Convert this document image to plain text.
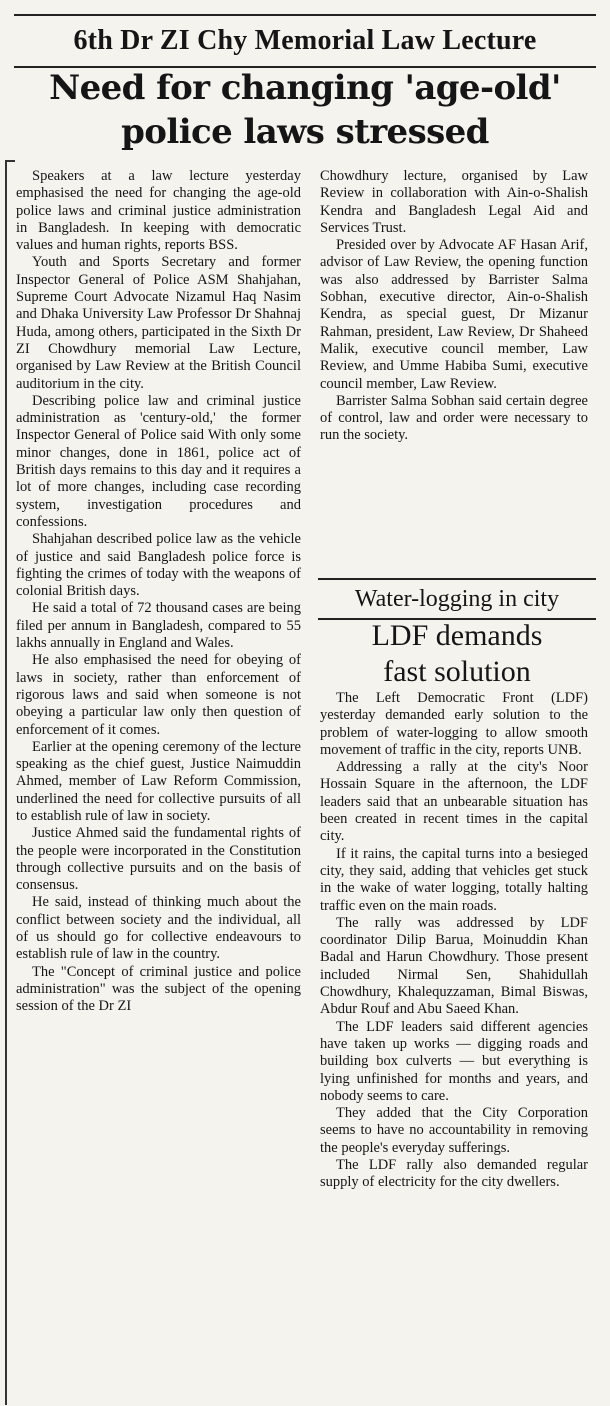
6th Dr ZI Chy Memorial Law Lecture
Need for changing 'age-old'
police laws stressed

Speakers at a law lecture yesterday emphasised the need for changing the age-old police laws and criminal justice administration in Bangladesh. In keeping with democratic values and human rights, reports BSS.

Youth and Sports Secretary and former Inspector General of Police ASM Shahjahan, Supreme Court Advocate Nizamul Haq Nasim and Dhaka University Law Professor Dr Shahnaj Huda, among others, participated in the Sixth Dr ZI Chowdhury memorial Law Lecture, organised by Law Review at the British Council auditorium in the city.

Describing police law and criminal justice administration as 'century-old,' the former Inspector General of Police said With only some minor changes, done in 1861, police act of British days remains to this day and it requires a lot of more changes, including case recording system, investigation procedures and confessions.

Shahjahan described police law as the vehicle of justice and said Bangladesh police force is fighting the crimes of today with the weapons of colonial British days.

He said a total of 72 thousand cases are being filed per annum in Bangladesh, compared to 55 lakhs annually in England and Wales.

He also emphasised the need for obeying of laws in society, rather than enforcement of rigorous laws and said when someone is not obeying a particular law only then question of enforcement of it comes.

Earlier at the opening ceremony of the lecture speaking as the chief guest, Justice Naimuddin Ahmed, member of Law Reform Commission, underlined the need for collective pursuits of all to establish rule of law in society.

Justice Ahmed said the fundamental rights of the people were incorporated in the Constitution through collective pursuits and on the basis of consensus.

He said, instead of thinking much about the conflict between society and the individual, all of us should go for collective endeavours to establish rule of law in the country.

The "Concept of criminal justice and police administration" was the subject of the opening session of the Dr ZI

Chowdhury lecture, organised by Law Review in collaboration with Ain-o-Shalish Kendra and Bangladesh Legal Aid and Services Trust.

Presided over by Advocate AF Hasan Arif, advisor of Law Review, the opening function was also addressed by Barrister Salma Sobhan, executive director, Ain-o-Shalish Kendra, as special guest, Dr Mizanur Rahman, president, Law Review, Dr Shaheed Malik, executive council member, Law Review, and Umme Habiba Sumi, executive council member, Law Review.

Barrister Salma Sobhan said certain degree of control, law and order were necessary to run the society.

Water-logging in city
LDF demands
fast solution

The Left Democratic Front (LDF) yesterday demanded early solution to the problem of water-logging to allow smooth movement of traffic in the city, reports UNB.

Addressing a rally at the city's Noor Hossain Square in the afternoon, the LDF leaders said that an unbearable situation has been created in recent times in the capital city.

If it rains, the capital turns into a besieged city, they said, adding that vehicles get stuck in the wake of water logging, totally halting traffic even on the main roads.

The rally was addressed by LDF coordinator Dilip Barua, Moinuddin Khan Badal and Harun Chowdhury. Those present included Nirmal Sen, Shahidullah Chowdhury, Khalequzzaman, Bimal Biswas, Abdur Rouf and Abu Saeed Khan.

The LDF leaders said different agencies have taken up works — digging roads and building box culverts — but everything is lying unfinished for months and years, and nobody seems to care.

They added that the City Corporation seems to have no accountability in removing the people's everyday sufferings.

The LDF rally also demanded regular supply of electricity for the city dwellers.
